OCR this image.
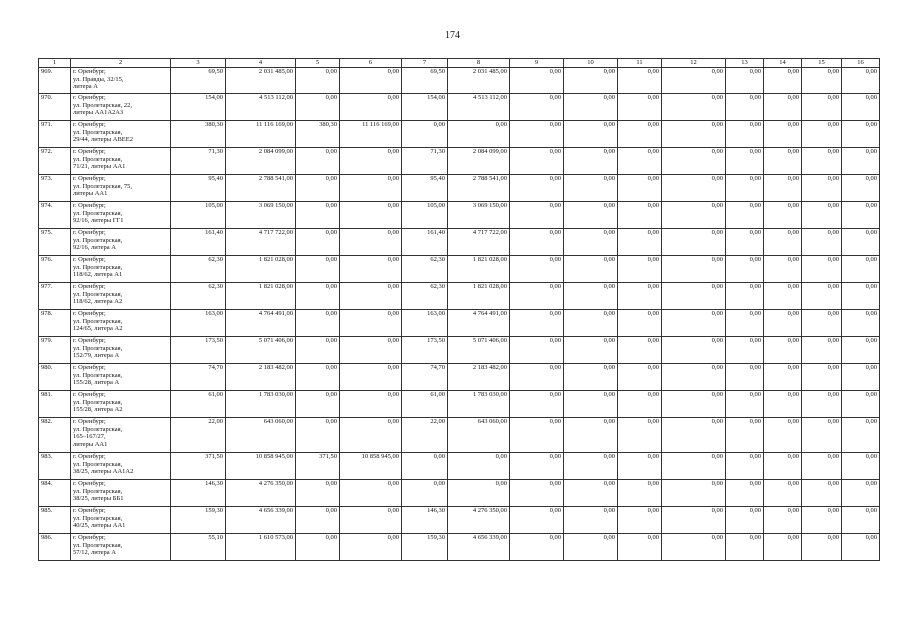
174
1	2	3	4	5	6	7	8	9	10	11	12	13	14	15	16
969.	г. Оренбург,
ул. Правды, 32/15,
литера А	69,50	2 031 485,00	0,00	0,00	69,50	2 031 485,00	0,00	0,00	0,00	0,00	0,00	0,00	0,00	0,00
970.	г. Оренбург,
ул. Пролетарская, 22,
литеры АА1А2А3	154,00	4 513 112,00	0,00	0,00	154,00	4 513 112,00	0,00	0,00	0,00	0,00	0,00	0,00	0,00	0,00
971.	г. Оренбург,
ул. Пролетарская,
29/44, литеры АВЕЕ2	380,30	11 116 169,00	380,30	11 116 169,00	0,00	0,00	0,00	0,00	0,00	0,00	0,00	0,00	0,00	0,00
972.	г. Оренбург,
ул. Пролетарская,
71/21, литеры АА1	71,30	2 084 099,00	0,00	0,00	71,30	2 084 099,00	0,00	0,00	0,00	0,00	0,00	0,00	0,00	0,00
973.	г. Оренбург,
ул. Пролетарская, 75,
литеры АА1	95,40	2 788 541,00	0,00	0,00	95,40	2 788 541,00	0,00	0,00	0,00	0,00	0,00	0,00	0,00	0,00
974.	г. Оренбург,
ул. Пролетарская,
92/16, литеры ГГ1	105,00	3 069 150,00	0,00	0,00	105,00	3 069 150,00	0,00	0,00	0,00	0,00	0,00	0,00	0,00	0,00
975.	г. Оренбург,
ул. Пролетарская,
92/16, литера А	161,40	4 717 722,00	0,00	0,00	161,40	4 717 722,00	0,00	0,00	0,00	0,00	0,00	0,00	0,00	0,00
976.	г. Оренбург,
ул. Пролетарская,
118/62, литера А1	62,30	1 821 028,00	0,00	0,00	62,30	1 821 028,00	0,00	0,00	0,00	0,00	0,00	0,00	0,00	0,00
977.	г. Оренбург,
ул. Пролетарская,
118/62, литера А2	62,30	1 821 028,00	0,00	0,00	62,30	1 821 028,00	0,00	0,00	0,00	0,00	0,00	0,00	0,00	0,00
978.	г. Оренбург,
ул. Пролетарская,
124/65, литера А2	163,00	4 764 491,00	0,00	0,00	163,00	4 764 491,00	0,00	0,00	0,00	0,00	0,00	0,00	0,00	0,00
979.	г. Оренбург,
ул. Пролетарская,
152/79, литера А	173,50	5 071 406,00	0,00	0,00	173,50	5 071 406,00	0,00	0,00	0,00	0,00	0,00	0,00	0,00	0,00
980.	г. Оренбург,
ул. Пролетарская,
155/28, литера А	74,70	2 183 482,00	0,00	0,00	74,70	2 183 482,00	0,00	0,00	0,00	0,00	0,00	0,00	0,00	0,00
981.	г. Оренбург,
ул. Пролетарская,
155/28, литера А2	61,00	1 783 030,00	0,00	0,00	61,00	1 783 030,00	0,00	0,00	0,00	0,00	0,00	0,00	0,00	0,00
982.	г. Оренбург,
ул. Пролетарская,
165–167/27,
литеры АА1	22,00	643 060,00	0,00	0,00	22,00	643 060,00	0,00	0,00	0,00	0,00	0,00	0,00	0,00	0,00
983.	г. Оренбург,
ул. Пролетарская,
38/25, литеры АА1А2	371,50	10 858 945,00	371,50	10 858 945,00	0,00	0,00	0,00	0,00	0,00	0,00	0,00	0,00	0,00	0,00
984.	г. Оренбург,
ул. Пролетарская,
38/25, литеры ББ1	146,30	4 276 350,00	0,00	0,00	0,00	0,00	0,00	0,00	0,00	0,00	0,00	0,00	0,00	0,00
985.	г. Оренбург,
ул. Пролетарская,
40/25, литеры АА1	159,30	4 656 339,00	0,00	0,00	146,30	4 276 350,00	0,00	0,00	0,00	0,00	0,00	0,00	0,00	0,00
986.	г. Оренбург,
ул. Пролетарская,
57/12, литера А	55,10	1 610 573,00	0,00	0,00	159,30	4 656 339,00	0,00	0,00	0,00	0,00	0,00	0,00	0,00	0,00
